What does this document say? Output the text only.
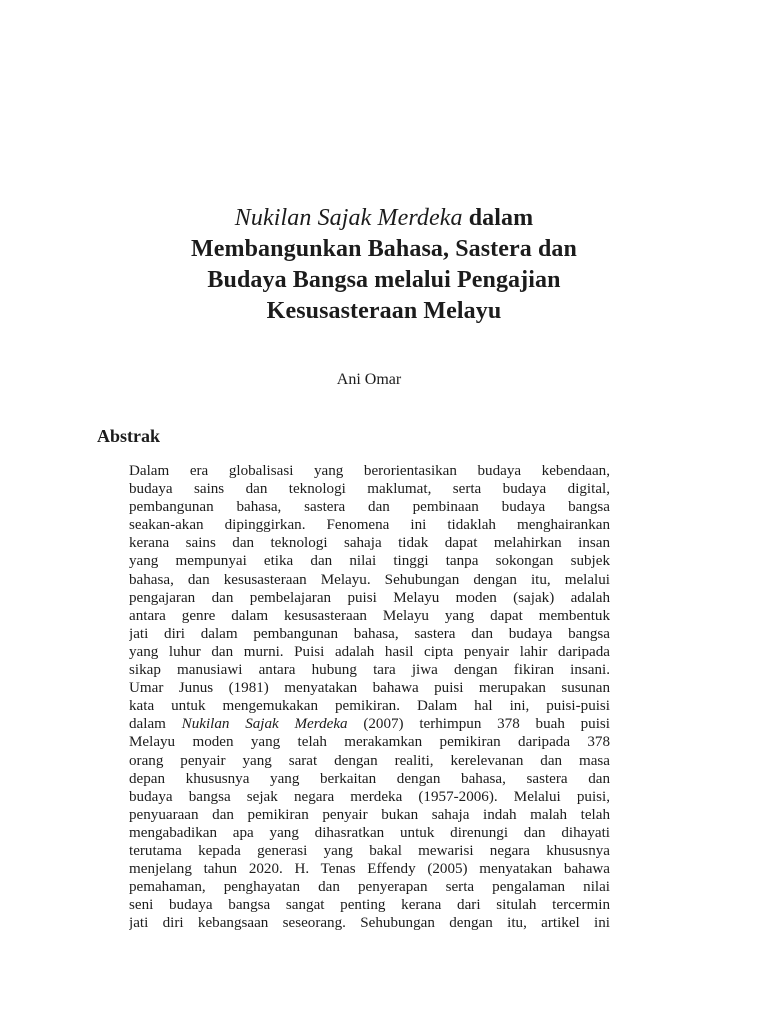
Nukilan Sajak Merdeka dalam
Membangunkan Bahasa, Sastera dan
Budaya Bangsa melalui Pengajian
Kesusasteraan Melayu
Ani Omar
Abstrak
Dalam era globalisasi yang berorientasikan budaya kebendaan,
budaya sains dan teknologi maklumat, serta budaya digital,
pembangunan bahasa, sastera dan pembinaan budaya bangsa
seakan-akan dipinggirkan. Fenomena ini tidaklah menghairankan
kerana sains dan teknologi sahaja tidak dapat melahirkan insan
yang mempunyai etika dan nilai tinggi tanpa sokongan subjek
bahasa, dan kesusasteraan Melayu. Sehubungan dengan itu, melalui
pengajaran dan pembelajaran puisi Melayu moden (sajak) adalah
antara genre dalam kesusasteraan Melayu yang dapat membentuk
jati diri dalam pembangunan bahasa, sastera dan budaya bangsa
yang luhur dan murni. Puisi adalah hasil cipta penyair lahir daripada
sikap manusiawi antara hubung tara jiwa dengan fikiran insani.
Umar Junus (1981) menyatakan bahawa puisi merupakan susunan
kata untuk mengemukakan pemikiran. Dalam hal ini, puisi-puisi
dalam Nukilan Sajak Merdeka (2007) terhimpun 378 buah puisi
Melayu moden yang telah merakamkan pemikiran daripada 378
orang penyair yang sarat dengan realiti, kerelevanan dan masa
depan khususnya yang berkaitan dengan bahasa, sastera dan
budaya bangsa sejak negara merdeka (1957-2006). Melalui puisi,
penyuaraan dan pemikiran penyair bukan sahaja indah malah telah
mengabadikan apa yang dihasratkan untuk direnungi dan dihayati
terutama kepada generasi yang bakal mewarisi negara khususnya
menjelang tahun 2020. H. Tenas Effendy (2005) menyatakan bahawa
pemahaman, penghayatan dan penyerapan serta pengalaman nilai
seni budaya bangsa sangat penting kerana dari situlah tercermin
jati diri kebangsaan seseorang. Sehubungan dengan itu, artikel ini
